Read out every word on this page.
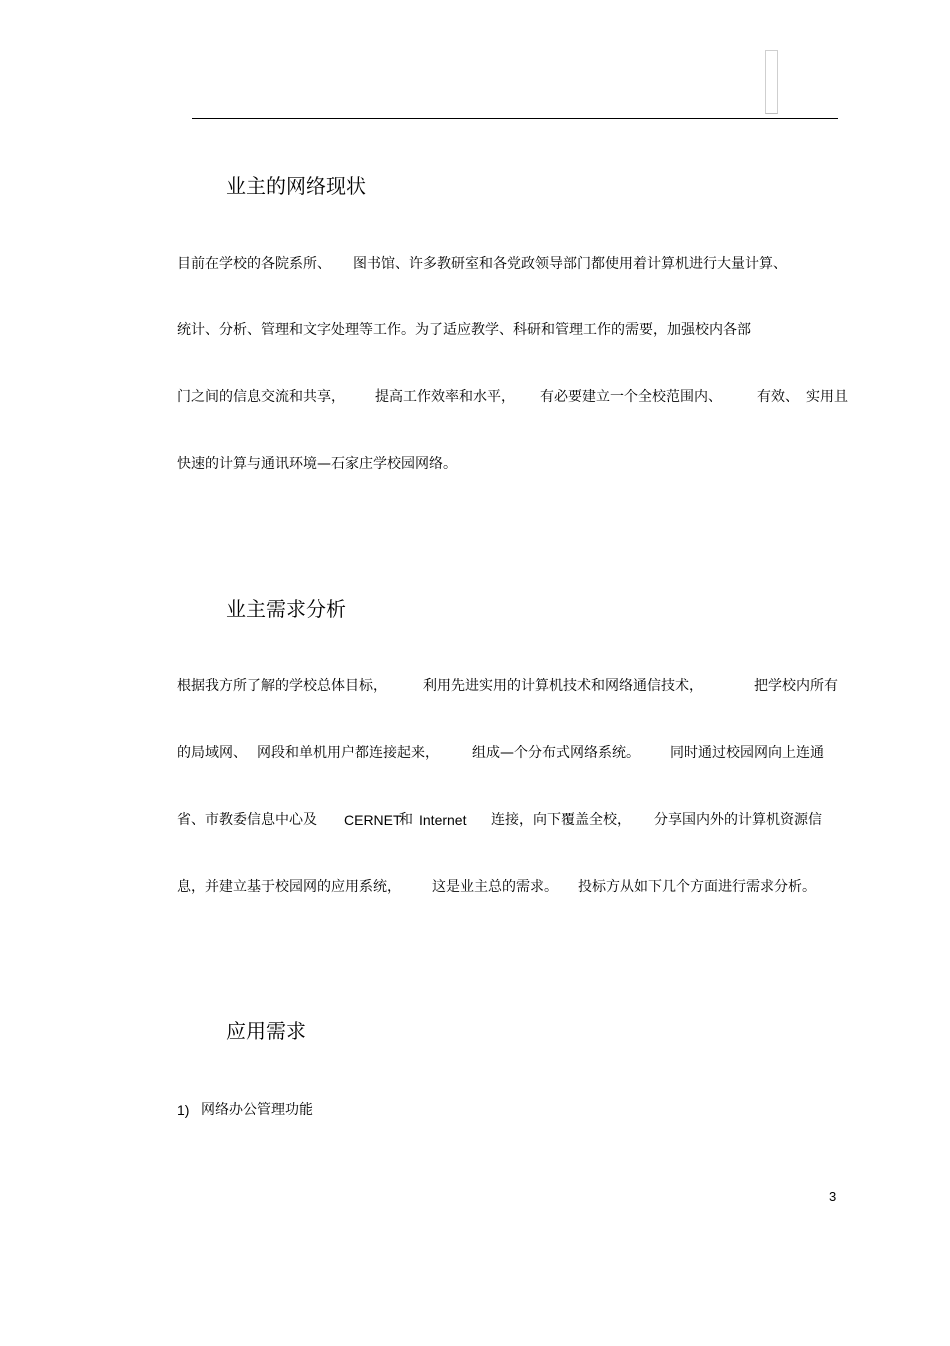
业主的网络现状
目前在学校的各院系所、 图书馆、许多教研室和各党政领导部门都使用着计算机进行大量计算、
统计、分析、管理和文字处理等工作。为了适应教学、科研和管理工作的需要，加强校内各部
门之间的信息交流和共享， 提高工作效率和水平， 有必要建立一个全校范围内、	有效、 实用且
快速的计算与通讯环境—石家庄学校园网络。
业主需求分析
根据我方所了解的学校总体目标，	利用先进实用的计算机技术和网络通信技术，	把学校内所有
的局域网、 网段和单机用户都连接起来， 组成—个分布式网络系统。 同时通过校园网向上连通
省、市教委信息中心及 CERNET
和 Internet 连接，向下覆盖全校， 分享国内外的计算机资源信
息，并建立基于校园网的应用系统， 这是业主总的需求。 投标方从如下几个方面进行需求分析。
应用需求
1) 网络办公管理功能
3
